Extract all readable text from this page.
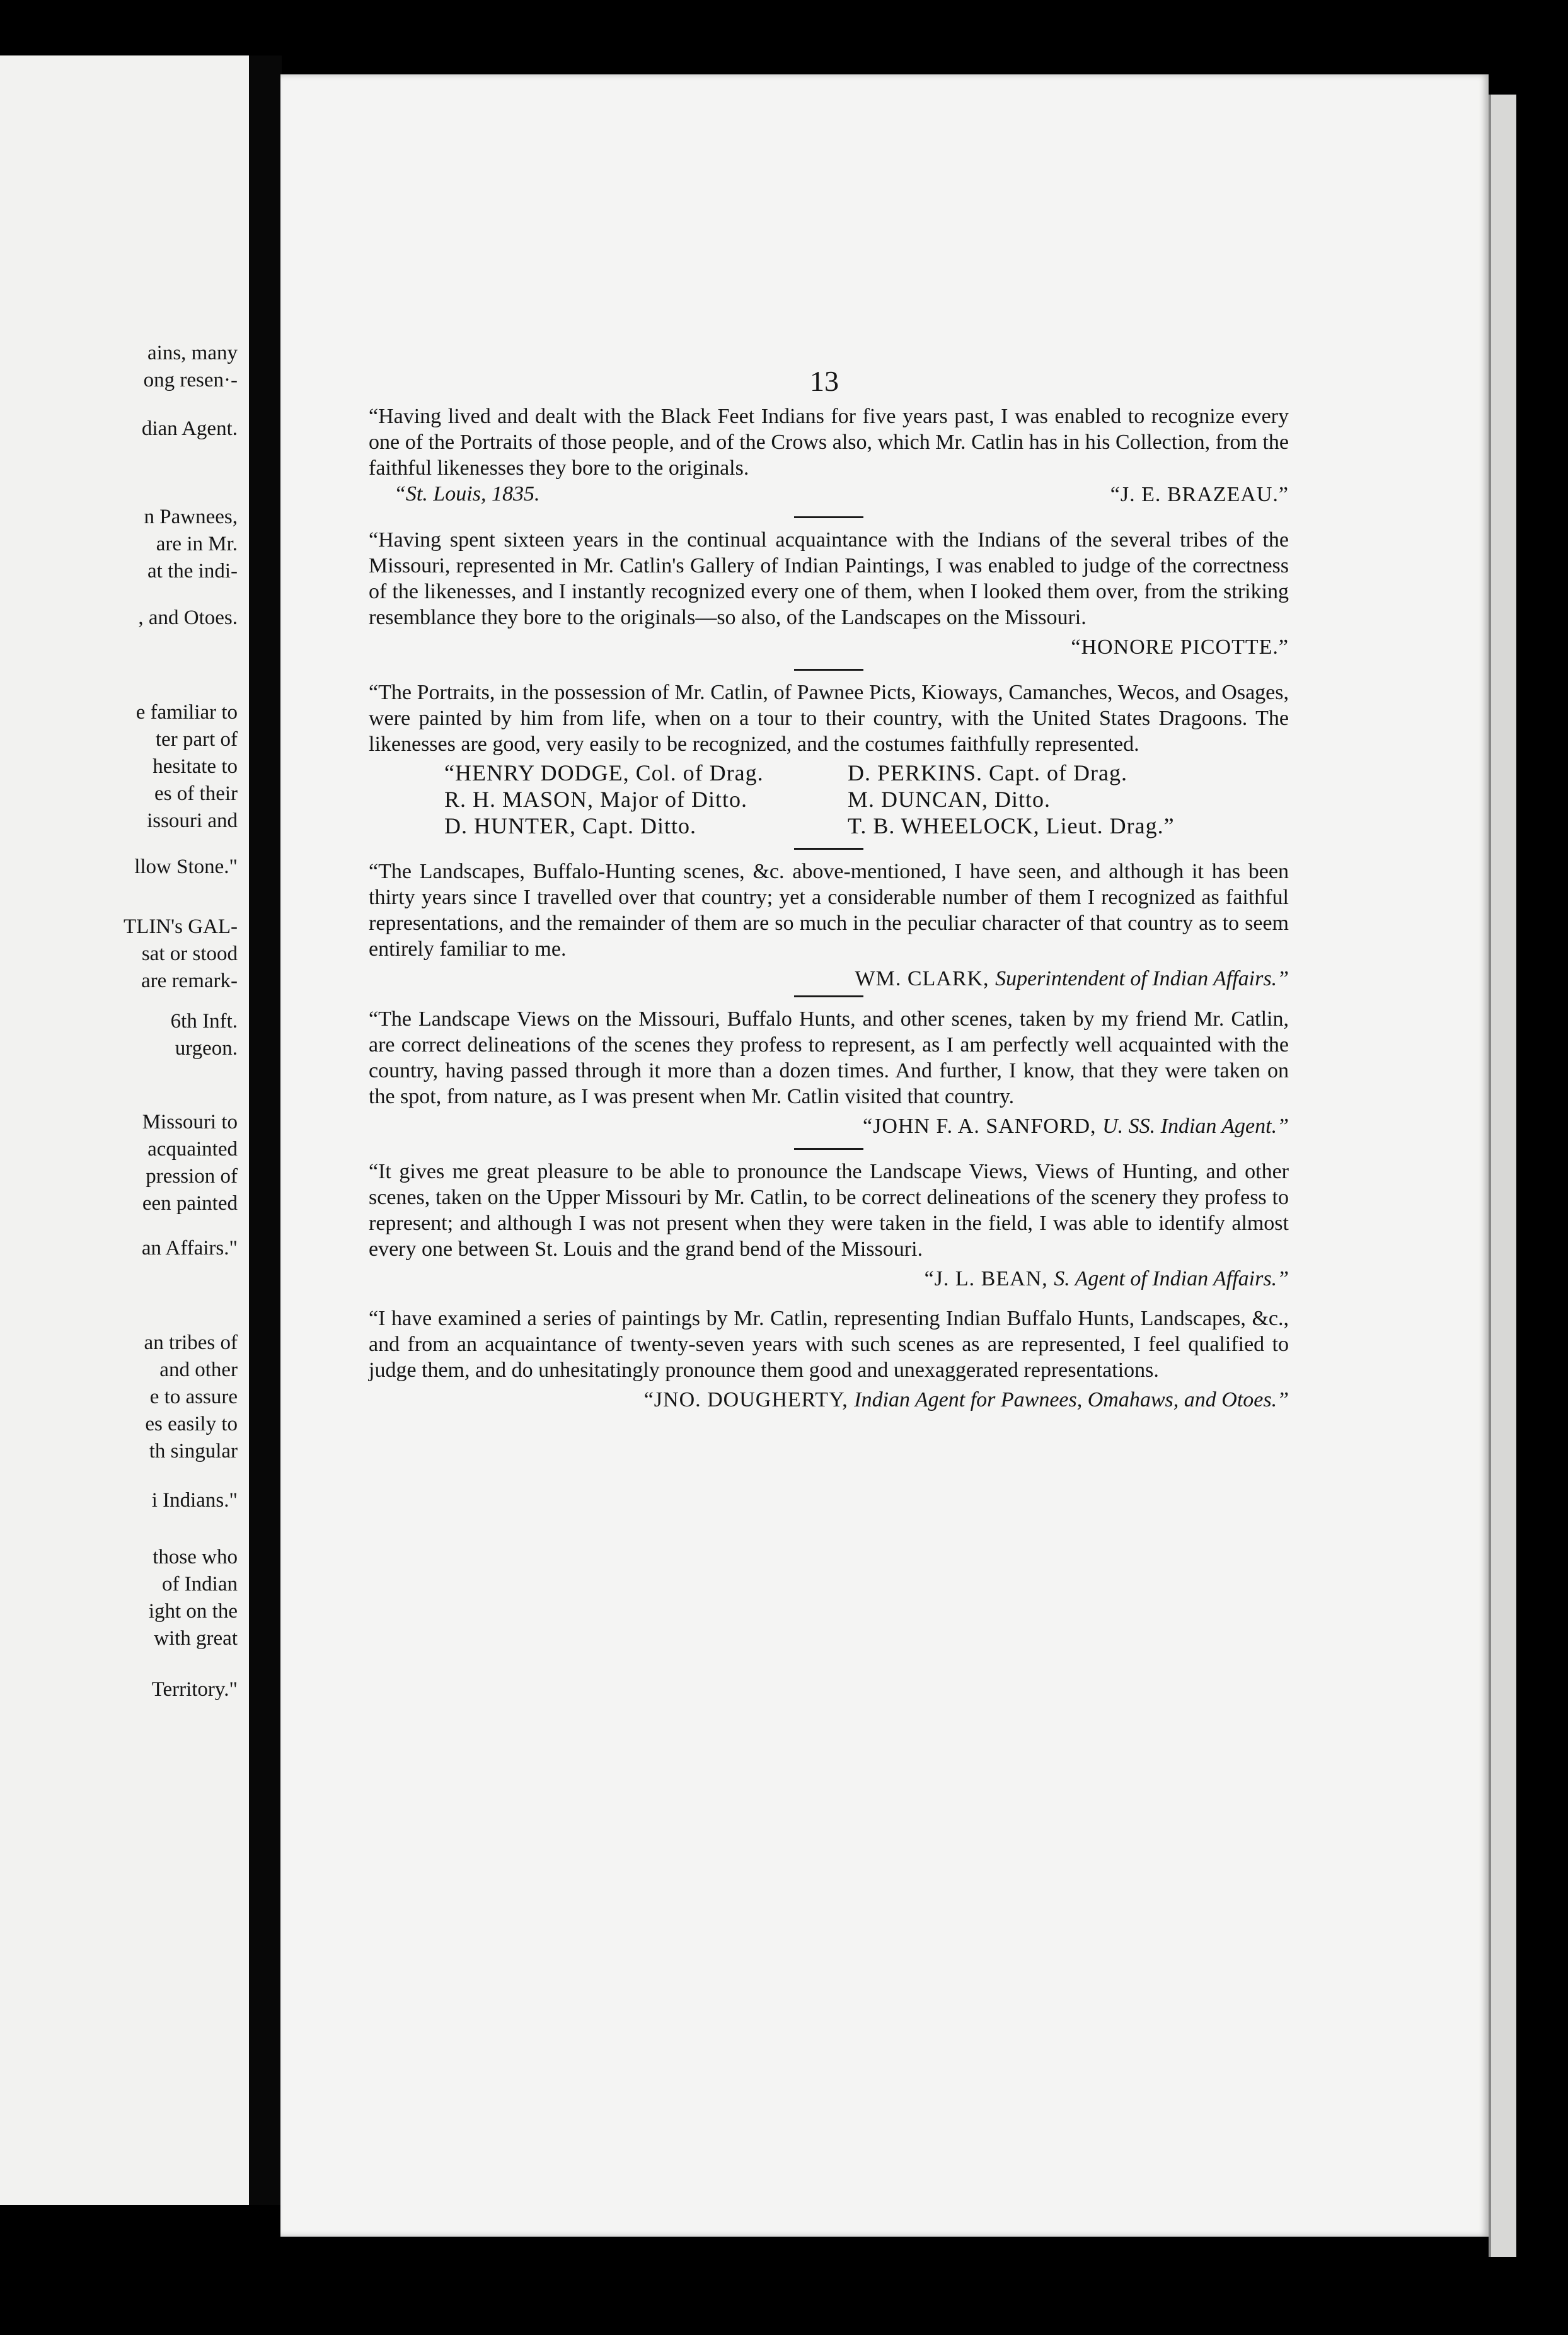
ains, many
ong resen·-
dian Agent.
n Pawnees,
are in Mr.
at the indi-
, and Otoes.
e familiar to
ter part of
hesitate to
es of their
issouri and
llow Stone."
TLIN's GAL-
sat or stood
are remark-
6th Inft.
urgeon.
Missouri to
acquainted
pression of
een painted
an Affairs."
an tribes of
and other
e to assure
es easily to
th singular
i Indians."
those who
of Indian
ight on the
with great
Territory."
13

“Having lived and dealt with the Black Feet Indians for five years past, I was enabled to recognize every one of the Portraits of those people, and of the Crows also, which Mr. Catlin has in his Collection, from the faithful likenesses they bore to the originals.

“St. Louis, 1835.	“J. E. BRAZEAU.”

“Having spent sixteen years in the continual acquaintance with the Indians of the several tribes of the Missouri, represented in Mr. Catlin's Gallery of Indian Paintings, I was enabled to judge of the correctness of the likenesses, and I instantly recognized every one of them, when I looked them over, from the striking resemblance they bore to the originals—so also, of the Landscapes on the Missouri.

“HONORE PICOTTE.”

“The Portraits, in the possession of Mr. Catlin, of Pawnee Picts, Kioways, Camanches, Wecos, and Osages, were painted by him from life, when on a tour to their country, with the United States Dragoons. The likenesses are good, very easily to be recognized, and the costumes faithfully represented.

“HENRY DODGE, Col. of Drag.	D. PERKINS. Capt. of Drag.
R. H. MASON, Major of Ditto.	M. DUNCAN, Ditto.
D. HUNTER, Capt. Ditto.	T. B. WHEELOCK, Lieut. Drag.”

“The Landscapes, Buffalo-Hunting scenes, &c. above-mentioned, I have seen, and although it has been thirty years since I travelled over that country; yet a considerable number of them I recognized as faithful representations, and the remainder of them are so much in the peculiar character of that country as to seem entirely familiar to me.

WM. CLARK, Superintendent of Indian Affairs.”

“The Landscape Views on the Missouri, Buffalo Hunts, and other scenes, taken by my friend Mr. Catlin, are correct delineations of the scenes they profess to represent, as I am perfectly well acquainted with the country, having passed through it more than a dozen times. And further, I know, that they were taken on the spot, from nature, as I was present when Mr. Catlin visited that country.

“JOHN F. A. SANFORD, U. SS. Indian Agent.”

“It gives me great pleasure to be able to pronounce the Landscape Views, Views of Hunting, and other scenes, taken on the Upper Missouri by Mr. Catlin, to be correct delineations of the scenery they profess to represent; and although I was not present when they were taken in the field, I was able to identify almost every one between St. Louis and the grand bend of the Missouri.

“J. L. BEAN, S. Agent of Indian Affairs.”

“I have examined a series of paintings by Mr. Catlin, representing Indian Buffalo Hunts, Landscapes, &c., and from an acquaintance of twenty-seven years with such scenes as are represented, I feel qualified to judge them, and do unhesitatingly pronounce them good and unexaggerated representations.

“JNO. DOUGHERTY, Indian Agent for Pawnees, Omahaws, and Otoes.”
